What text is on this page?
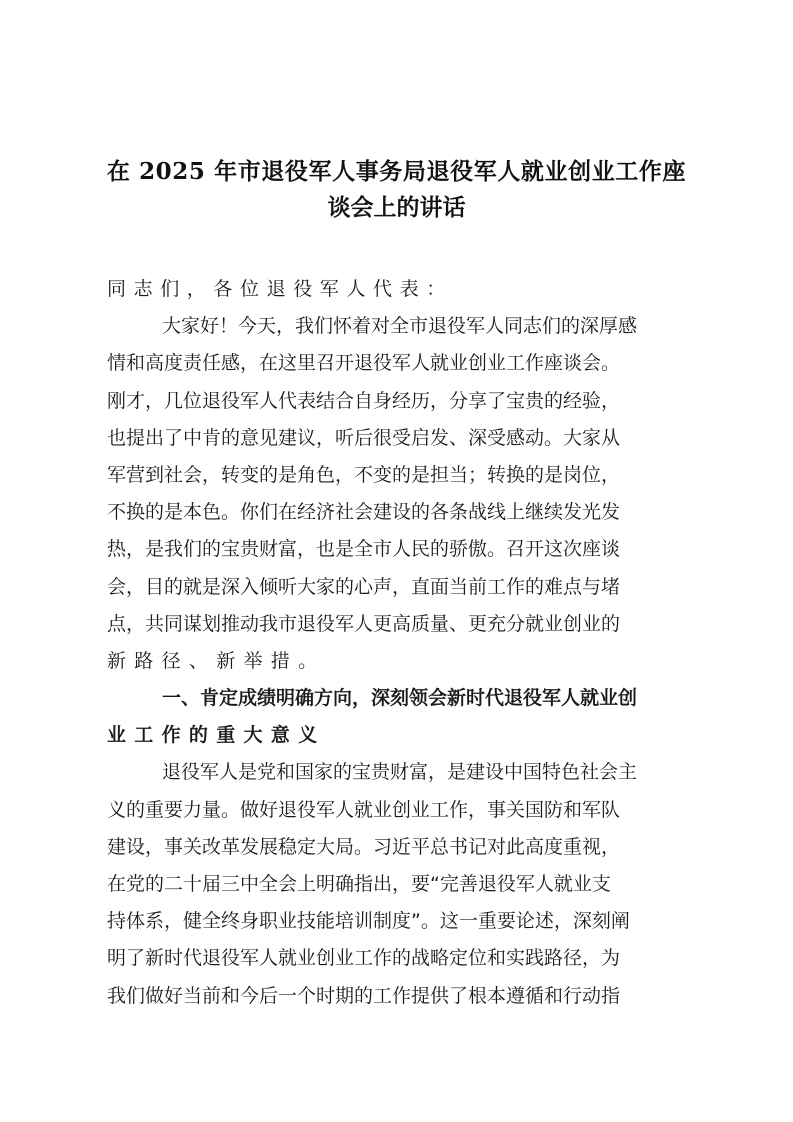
在 2025 年市退役军人事务局退役军人就业创业工作座
谈会上的讲话
同志们，各位退役军人代表：
大家好！今天，我们怀着对全市退役军人同志们的深厚感
情和高度责任感，在这里召开退役军人就业创业工作座谈会。
刚才，几位退役军人代表结合自身经历，分享了宝贵的经验，
也提出了中肯的意见建议，听后很受启发、深受感动。大家从
军营到社会，转变的是角色，不变的是担当；转换的是岗位，
不换的是本色。你们在经济社会建设的各条战线上继续发光发
热，是我们的宝贵财富，也是全市人民的骄傲。召开这次座谈
会，目的就是深入倾听大家的心声，直面当前工作的难点与堵
点，共同谋划推动我市退役军人更高质量、更充分就业创业的
新路径、新举措。
一、肯定成绩明确方向，深刻领会新时代退役军人就业创
业工作的重大意义
退役军人是党和国家的宝贵财富，是建设中国特色社会主
义的重要力量。做好退役军人就业创业工作，事关国防和军队
建设，事关改革发展稳定大局。习近平总书记对此高度重视，
在党的二十届三中全会上明确指出，要“完善退役军人就业支
持体系，健全终身职业技能培训制度”。这一重要论述，深刻阐
明了新时代退役军人就业创业工作的战略定位和实践路径，为
我们做好当前和今后一个时期的工作提供了根本遵循和行动指
